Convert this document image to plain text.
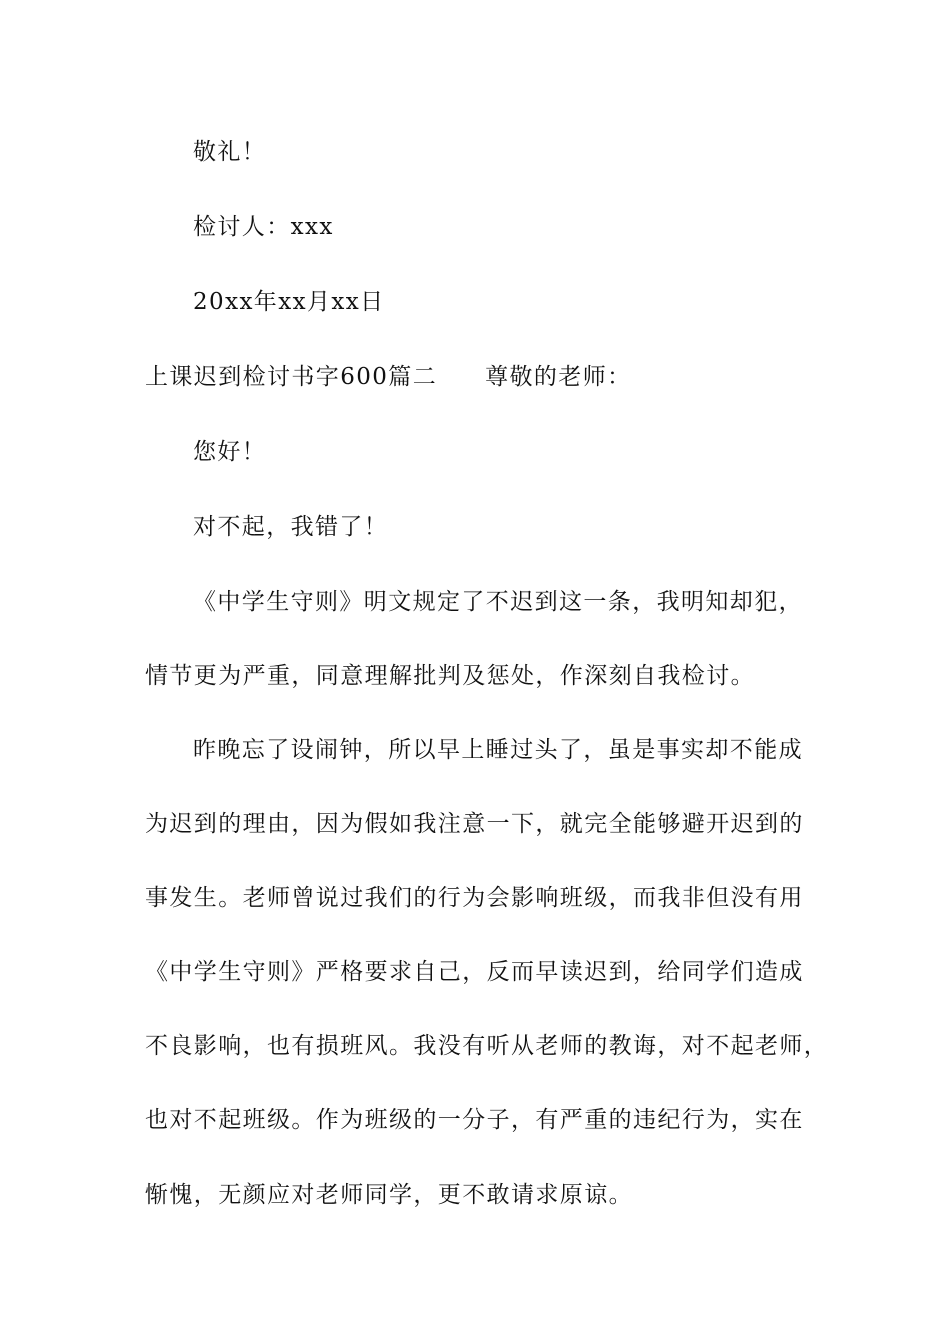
敬礼！
检讨人：xxx
20xx年xx月xx日
上课迟到检讨书字600篇二 尊敬的老师：
您好！
对不起，我错了！
《中学生守则》明文规定了不迟到这一条，我明知却犯，
情节更为严重，同意理解批判及惩处，作深刻自我检讨。
昨晚忘了设闹钟，所以早上睡过头了，虽是事实却不能成
为迟到的理由，因为假如我注意一下，就完全能够避开迟到的
事发生。老师曾说过我们的行为会影响班级，而我非但没有用
《中学生守则》严格要求自己，反而早读迟到，给同学们造成
不良影响，也有损班风。我没有听从老师的教诲，对不起老师，
也对不起班级。作为班级的一分子，有严重的违纪行为，实在
惭愧，无颜应对老师同学，更不敢请求原谅。
